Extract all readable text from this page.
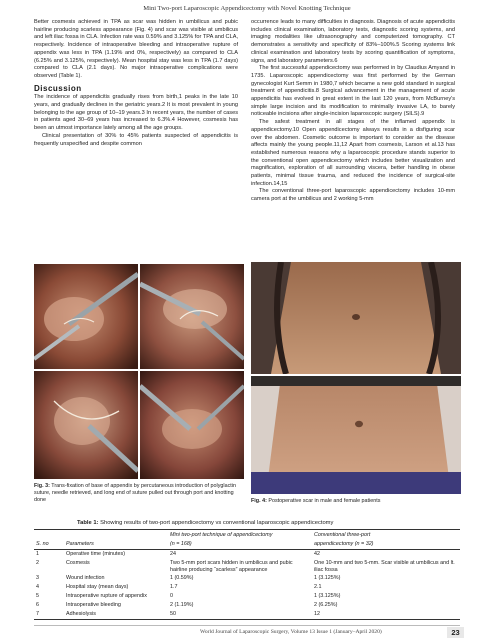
Mini Two-port Laparoscopic Appendicectomy with Novel Knotting Technique

Better cosmesis achieved in TPA as scar was hidden in umbilicus and pubic hairline producing scarless appearance (Fig. 4) and scar was visible at umbilicus and left iliac fossa in CLA. Infection rate was 0.59% and 3.125% for TPA and CLA, respectively. Incidence of intraoperative bleeding and intraoperative rupture of appendix was less in TPA (1.19% and 0%, respectively) as compared to CLA (6.25% and 3.125%, respectively). Mean hospital stay was less in TPA (1.7 days) compared to CLA (2.1 days). No major intraoperative complications were observed (Table 1).

Discussion

The incidence of appendicitis gradually rises from birth,1 peaks in the late 10 years, and gradually declines in the geriatric years.2 It is most prevalent in young belonging to the age group of 10–19 years.3 In recent years, the number of cases in patients aged 30–69 years has increased to 6.3%.4 However, cosmesis has been an utmost importance lately among all the age groups.

Clinical presentation of 30% to 45% patients suspected of appendicitis is frequently unspecified and despite common

occurrence leads to many difficulties in diagnosis. Diagnosis of acute appendicitis includes clinical examination, laboratory tests, diagnostic scoring systems, and imaging modalities like ultrasonography and computerized tomography. CT demonstrates a sensitivity and specificity of 83%–100%.5 Scoring systems link clinical examination and laboratory tests by scoring quantification of symptoms, signs, and laboratory parameters.6

The first successful appendicectomy was performed in by Claudius Amyand in 1735. Laparoscopic appendicectomy was first performed by the German gynecologist Kurt Semm in 1980,7 which became a new gold standard in surgical treatment of appendicitis.8 Surgical advancement in the management of acute appendicitis has evolved in great extent in the last 120 years, from McBurney's simple large incision and its modification to minimally invasive LA, to barely noticeable incisions after single-incision laparoscopic surgery (SILS).9

The safest treatment in all stages of the inflamed appendix is appendicectomy.10 Open appendicectomy always results in a disfiguring scar over the abdomen. Cosmetic outcome is important to consider as the disease affects mainly the young people.11,12 Apart from cosmesis, Larson et al.13 has established numerous reasons why a laparoscopic procedure stands superior to the conventional open appendicectomy which includes better visualization and magnification, exploration of all surrounding viscera, better handling in obese patients, minimal tissue trauma, and reduced the incidence of surgical-site infection.14,15

The conventional three-port laparoscopic appendicectomy includes 10-mm camera port at the umbilicus and 2 working 5-mm

Fig. 3: Trans-fixation of base of appendix by percutaneous introduction of polyglactin suture, needle retrieved, and long end of suture pulled out through port and knotting done	Fig. 4: Postoperative scar in male and female patients
Table 1: Showing results of two-port appendicectomy vs conventional laparoscopic appendicectomy
		Mini two-port technique of appendicectomy	Conventional three-port
S. no	Parameters	(n = 168)	appendicectomy (n = 32)
1	Operative time (minutes)	24	42
2	Cosmesis	Two 5-mm port scars hidden in umbilicus and pubic hairline producing “scarless” appearance	One 10-mm and two 5-mm. Scar visible at umbilicus and lt. iliac fossa
3	Wound infection	1 (0.59%)	1 (3.125%)
4	Hospital stay (mean days)	1.7	2.1
5	Intraoperative rupture of appendix	0	1 (3.125%)
6	Intraoperative bleeding	2 (1.19%)	2 (6.25%)
7	Adhesiolysis	50	12
World Journal of Laparoscopic Surgery, Volume 13 Issue 1 (January–April 2020)	23
